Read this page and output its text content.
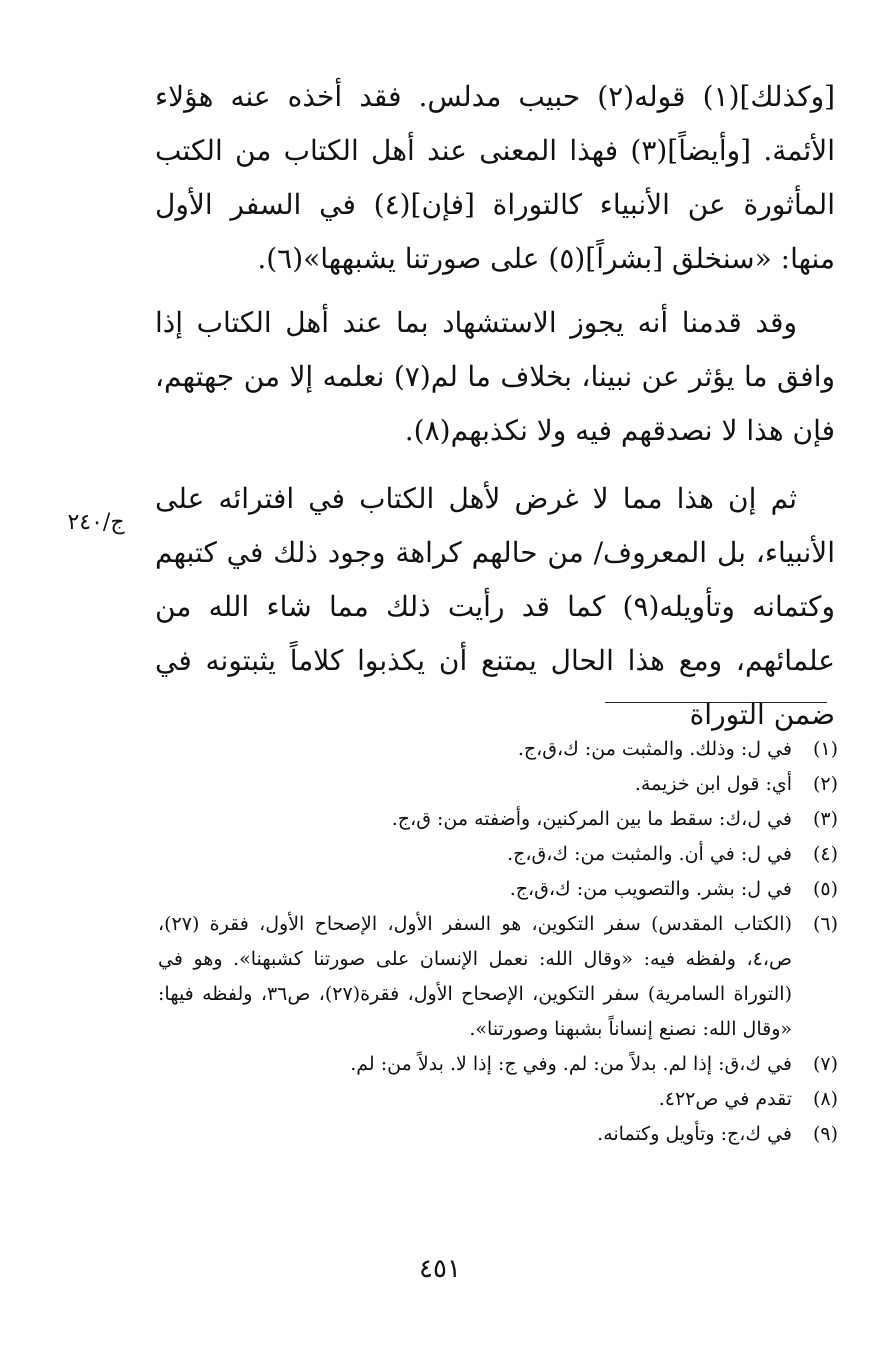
[وكذلك](١) قوله(٢) حبيب مدلس. فقد أخذه عنه هؤلاء الأئمة. [وأيضاً](٣) فهذا المعنى عند أهل الكتاب من الكتب المأثورة عن الأنبياء كالتوراة [فإن](٤) في السفر الأول منها: «سنخلق [بشراً](٥) على صورتنا يشبهها»(٦).

وقد قدمنا أنه يجوز الاستشهاد بما عند أهل الكتاب إذا وافق ما يؤثر عن نبينا، بخلاف ما لم(٧) نعلمه إلا من جهتهم، فإن هذا لا نصدقهم فيه ولا نكذبهم(٨).

ثم إن هذا مما لا غرض لأهل الكتاب في افترائه على الأنبياء، بل المعروف/ من حالهم كراهة وجود ذلك في كتبهم وكتمانه وتأويله(٩) كما قد رأيت ذلك مما شاء الله من علمائهم، ومع هذا الحال يمتنع أن يكذبوا كلاماً يثبتونه في ضمن التوراة

ج/٢٤٠
(١)
في ل: وذلك. والمثبت من: ك،ق،ج.
(٢)
أي: قول ابن خزيمة.
(٣)
في ل،ك: سقط ما بين المركنين، وأضفته من: ق،ج.
(٤)
في ل: في أن. والمثبت من: ك،ق،ج.
(٥)
في ل: بشر. والتصويب من: ك،ق،ج.
(٦)
(الكتاب المقدس) سفر التكوين، هو السفر الأول، الإصحاح الأول، فقرة (٢٧)، ص،٤، ولفظه فيه: «وقال الله: نعمل الإنسان على صورتنا كشبهنا». وهو في (التوراة السامرية) سفر التكوين، الإصحاح الأول، فقرة(٢٧)، ص٣٦، ولفظه فيها: «وقال الله: نصنع إنساناً بشبهنا وصورتنا».
(٧)
في ك،ق: إذا لم. بدلاً من: لم. وفي ج: إذا لا. بدلاً من: لم.
(٨)
تقدم في ص٤٢٢.
(٩)
في ك،ج: وتأويل وكتمانه.
٤٥١
